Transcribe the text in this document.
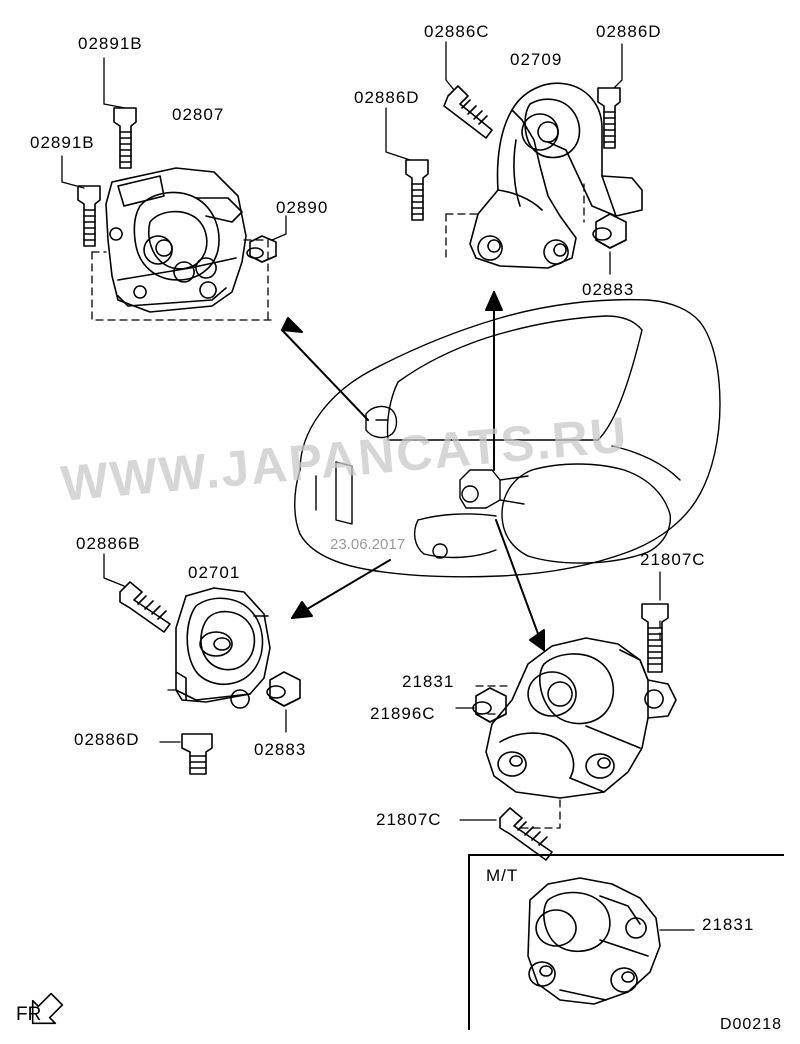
M/T
02891B
02891B
02807
02890
02886C	02886D
02709
02886D
02883
02886B
02701
02886D
02883
21807C
21831
21896C
21807C
21831
WWW.JAPANCATS.RU
23.06.2017
D00218
FR
